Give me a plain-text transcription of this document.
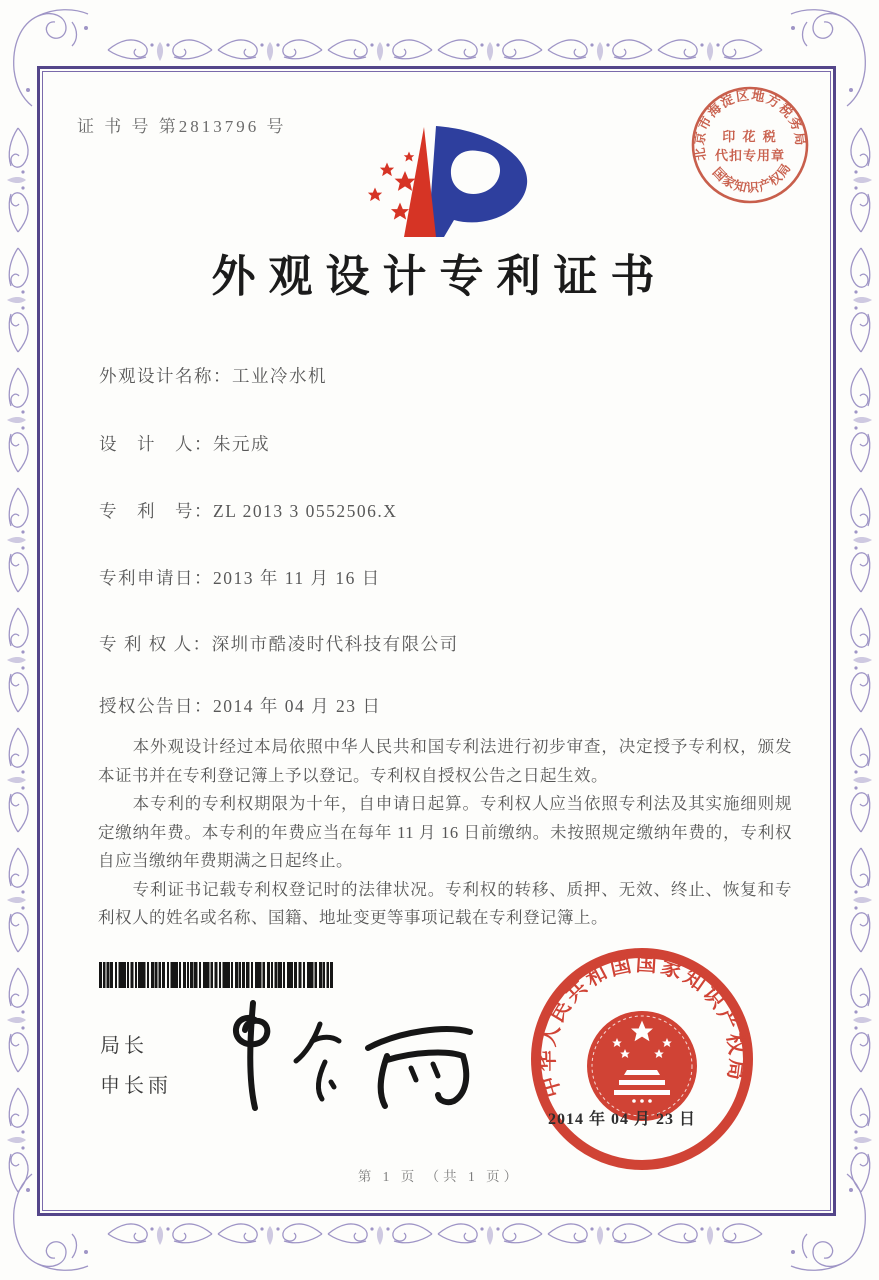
证 书 号 第2813796 号
北京市海淀区地方税务局
国家知识产权局
印 花 税
代扣专用章
外观设计专利证书
外观设计名称：工业冷水机
设　计　人：朱元成
专　利　号：ZL 2013 3 0552506.X
专利申请日：2013 年 11 月 16 日
专 利 权 人：深圳市酷凌时代科技有限公司
授权公告日：2014 年 04 月 23 日

本外观设计经过本局依照中华人民共和国专利法进行初步审查，决定授予专利权，颁发本证书并在专利登记簿上予以登记。专利权自授权公告之日起生效。

本专利的专利权期限为十年，自申请日起算。专利权人应当依照专利法及其实施细则规定缴纳年费。本专利的年费应当在每年 11 月 16 日前缴纳。未按照规定缴纳年费的，专利权自应当缴纳年费期满之日起终止。

专利证书记载专利权登记时的法律状况。专利权的转移、质押、无效、终止、恢复和专利权人的姓名或名称、国籍、地址变更等事项记载在专利登记簿上。

局长
申长雨	中华人民共和国国家知识产权局
2014 年 04 月 23 日
第 1 页 （共 1 页）
